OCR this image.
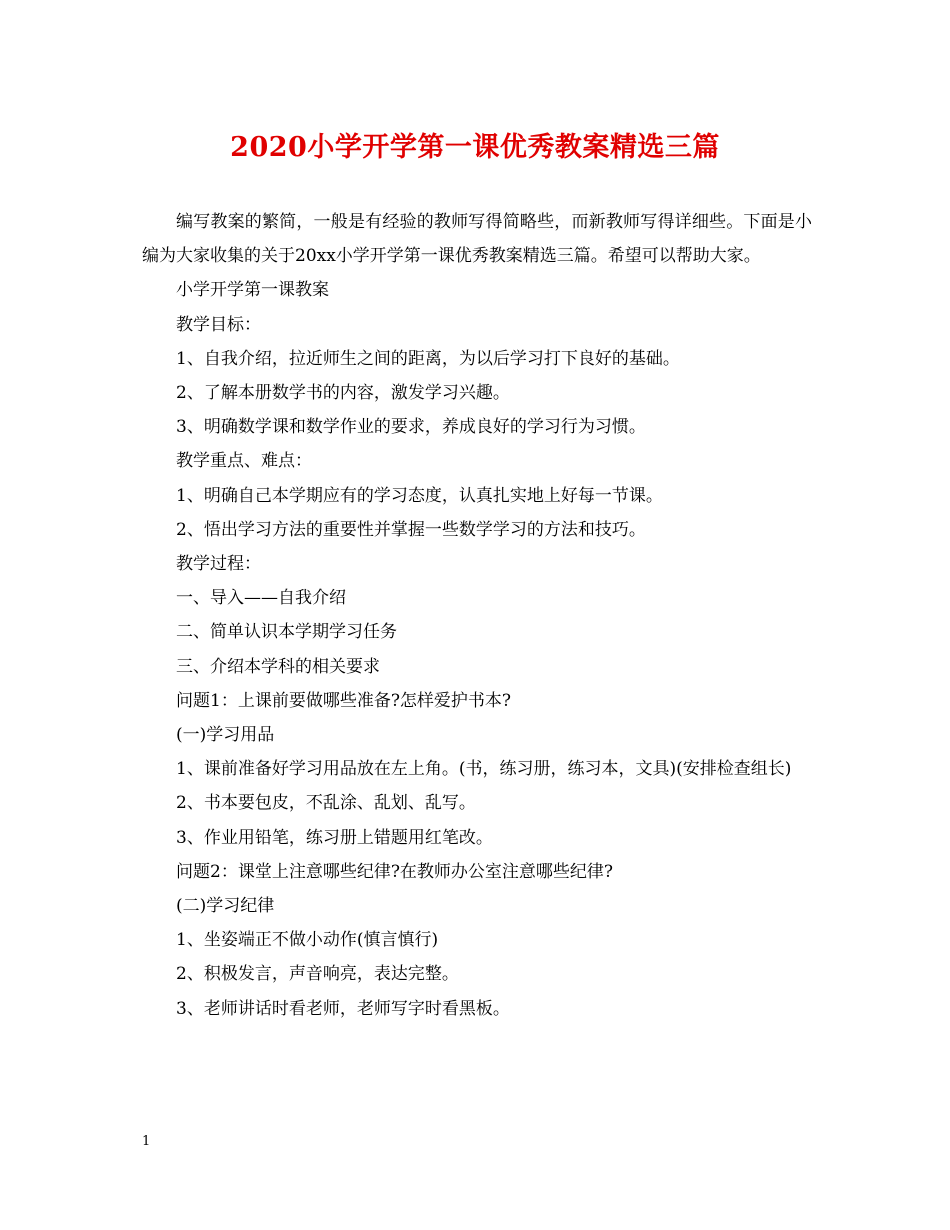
2020小学开学第一课优秀教案精选三篇

编写教案的繁简，一般是有经验的教师写得简略些，而新教师写得详细些。下面是小编为大家收集的关于20xx小学开学第一课优秀教案精选三篇。希望可以帮助大家。

小学开学第一课教案

教学目标：

1、自我介绍，拉近师生之间的距离，为以后学习打下良好的基础。

2、了解本册数学书的内容，激发学习兴趣。

3、明确数学课和数学作业的要求，养成良好的学习行为习惯。

教学重点、难点：

1、明确自己本学期应有的学习态度，认真扎实地上好每一节课。

2、悟出学习方法的重要性并掌握一些数学学习的方法和技巧。

教学过程：

一、导入——自我介绍

二、简单认识本学期学习任务

三、介绍本学科的相关要求

问题1：上课前要做哪些准备?怎样爱护书本?

(一)学习用品

1、课前准备好学习用品放在左上角。(书，练习册，练习本，文具)(安排检查组长)

2、书本要包皮，不乱涂、乱划、乱写。

3、作业用铅笔，练习册上错题用红笔改。

问题2：课堂上注意哪些纪律?在教师办公室注意哪些纪律?

(二)学习纪律

1、坐姿端正不做小动作(慎言慎行)

2、积极发言，声音响亮，表达完整。

3、老师讲话时看老师，老师写字时看黑板。

1
